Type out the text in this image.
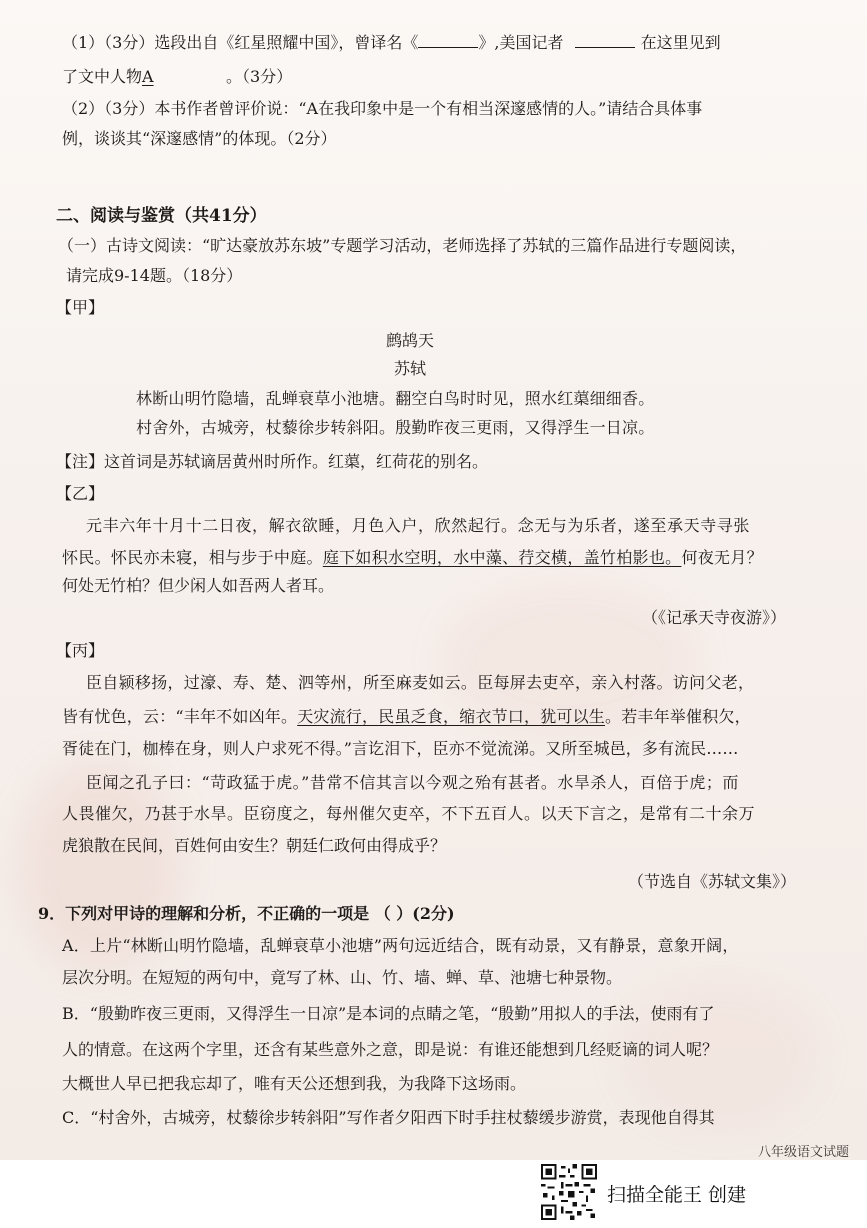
（1）（3分）选段出自《红星照耀中国》，曾译名《	》,美国记者	在这里见到
了文中人物A	。（3分）
（2）（3分）本书作者曾评价说：“A在我印象中是一个有相当深邃感情的人。”请结合具体事
例，谈谈其“深邃感情”的体现。（2分）
二、阅读与鉴赏（共41分）
（一）古诗文阅读：“旷达豪放苏东坡”专题学习活动，老师选择了苏轼的三篇作品进行专题阅读，
请完成9-14题。（18分）
【甲】
鹧鸪天
苏轼
林断山明竹隐墙，乱蝉衰草小池塘。翻空白鸟时时见，照水红蕖细细香。
村舍外，古城旁，杖藜徐步转斜阳。殷勤昨夜三更雨，又得浮生一日凉。
【注】这首词是苏轼谪居黄州时所作。红蕖，红荷花的别名。
【乙】
元丰六年十月十二日夜，解衣欲睡，月色入户，欣然起行。念无与为乐者，遂至承天寺寻张
怀民。怀民亦未寝，相与步于中庭。庭下如积水空明，水中藻、荇交横，盖竹柏影也。何夜无月？
何处无竹柏？但少闲人如吾两人者耳。
（《记承天寺夜游》）
【丙】
臣自颍移扬，过濠、寿、楚、泗等州，所至麻麦如云。臣每屏去吏卒，亲入村落。访问父老，
皆有忧色，云：“丰年不如凶年。天灾流行，民虽乏食，缩衣节口，犹可以生。若丰年举催积欠，
胥徒在门，枷棒在身，则人户求死不得。”言讫泪下，臣亦不觉流涕。又所至城邑，多有流民……
臣闻之孔子曰：“苛政猛于虎。”昔常不信其言以今观之殆有甚者。水旱杀人，百倍于虎；而
人畏催欠，乃甚于水旱。臣窃度之，每州催欠吏卒，不下五百人。以天下言之，是常有二十余万
虎狼散在民间，百姓何由安生？朝廷仁政何由得成乎？
（节选自《苏轼文集》）
9．下列对甲诗的理解和分析，不正确的一项是 （ ）(2分)
A．上片“林断山明竹隐墙，乱蝉衰草小池塘”两句远近结合，既有动景，又有静景，意象开阔，
层次分明。在短短的两句中，竟写了林、山、竹、墙、蝉、草、池塘七种景物。
B．“殷勤昨夜三更雨，又得浮生一日凉”是本词的点睛之笔，“殷勤”用拟人的手法，使雨有了
人的情意。在这两个字里，还含有某些意外之意，即是说：有谁还能想到几经贬谪的词人呢？
大概世人早已把我忘却了，唯有天公还想到我，为我降下这场雨。
C．“村舍外，古城旁，杖藜徐步转斜阳”写作者夕阳西下时手拄杖藜缓步游赏，表现他自得其
八年级语文试题
扫描全能王 创建
